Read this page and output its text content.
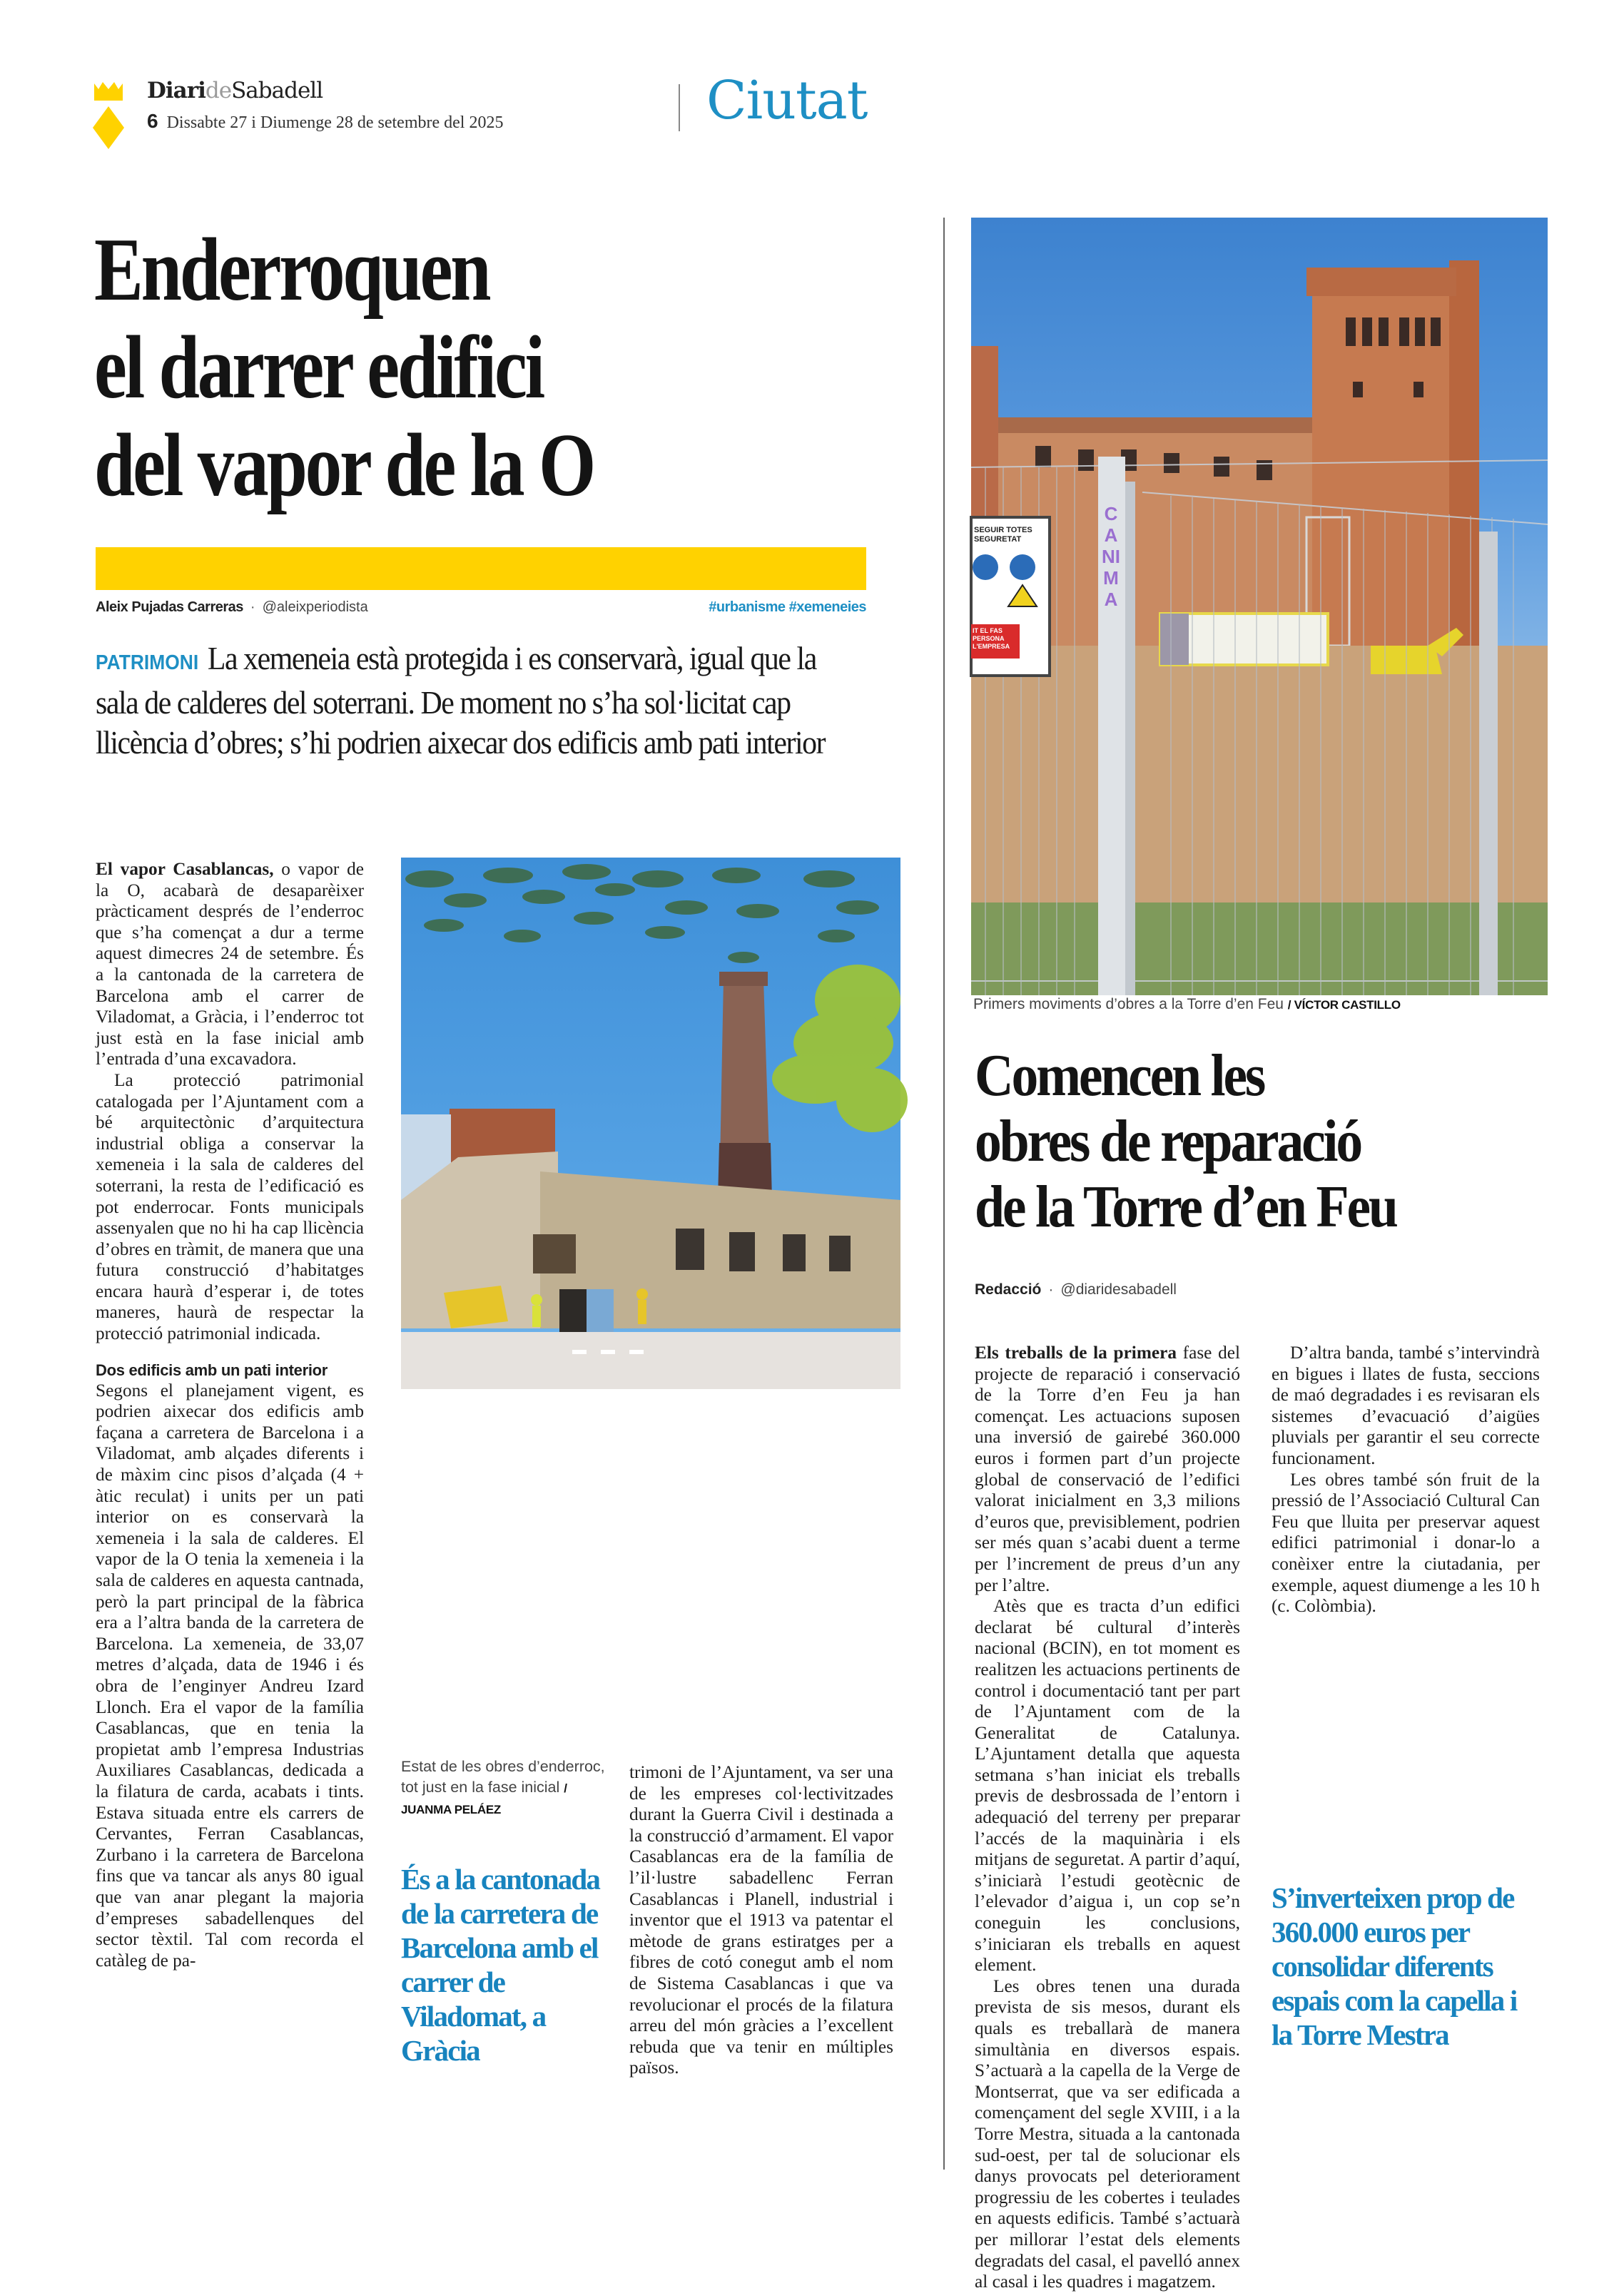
DiarideSabadell
6 Dissabte 27 i Diumenge 28 de setembre del 2025	Ciutat
Enderroquen
el darrer edifici
del vapor de la O
Aleix Pujadas Carreras · @aleixperiodista	#urbanisme #xemeneies
PATRIMONI La xemeneia està protegida i es conservarà, igual que la sala de calderes del soterrani. De moment no s’ha sol·licitat cap llicència d’obres; s’hi podrien aixecar dos edificis amb pati interior

El vapor Casablancas, o vapor de la O, acabarà de desaparèixer pràcticament després de l’enderroc que s’ha començat a dur a terme aquest dimecres 24 de setembre. És a la cantonada de la carretera de Barcelona amb el carrer de Viladomat, a Gràcia, i l’enderroc tot just està en la fase inicial amb l’entrada d’una excavadora.

La protecció patrimonial catalogada per l’Ajuntament com a bé arquitectònic d’arquitectura industrial obliga a conservar la xemeneia i la sala de calderes del soterrani, la resta de l’edificació es pot enderrocar. Fonts municipals assenyalen que no hi ha cap llicència d’obres en tràmit, de manera que una futura construcció d’habitatges encara haurà d’esperar i, de totes maneres, haurà de respectar la protecció patrimonial indicada.

Dos edificis amb un pati interior

Segons el planejament vigent, es podrien aixecar dos edificis amb façana a carretera de Barcelona i a Viladomat, amb alçades diferents i de màxim cinc pisos d’alçada (4 + àtic reculat) i units per un pati interior on es conservarà la xemeneia i la sala de calderes. El vapor de la O tenia la xemeneia i la sala de calderes en aquesta cantnada, però la part principal de la fàbrica era a l’altra banda de la carretera de Barcelona. La xemeneia, de 33,07 metres d’alçada, data de 1946 i és obra de l’enginyer Andreu Izard Llonch. Era el vapor de la família Casablancas, que en tenia la propietat amb l’empresa Industrias Auxiliares Casablancas, dedicada a la filatura de carda, acabats i tints. Estava situada entre els carrers de Cervantes, Ferran Casablancas, Zurbano i la carretera de Barcelona fins que va tancar als anys 80 igual que van anar plegant la majoria d’empreses sabadellenques del sector tèxtil. Tal com recorda el catàleg de pa-

Estat de les obres d’enderroc, tot just en la fase inicial / JUANMA PELÁEZ
És a la cantonada de la carretera de Barcelona amb el carrer de Viladomat, a Gràcia

trimoni de l’Ajuntament, va ser una de les empreses col·lectivitzades durant la Guerra Civil i destinada a la construcció d’armament. El vapor Casablancas era de la família de l’il·lustre sabadellenc Ferran Casablancas i Planell, industrial i inventor que el 1913 va patentar el mètode de grans estiratges per a fibres de cotó conegut amb el nom de Sistema Casablancas i que va revolucionar el procés de la filatura arreu del món gràcies a l’excellent rebuda que va tenir en múltiples països.

SEGUIR TOTES SEGURETAT
IT EL FAS PERSONA L'EMPRESA
CANIMA
Primers moviments d’obres a la Torre d’en Feu / VÍCTOR CASTILLO
Comencen les
obres de reparació
de la Torre d’en Feu
Redacció · @diaridesabadell

Els treballs de la primera fase del projecte de reparació i conservació de la Torre d’en Feu ja han començat. Les actuacions suposen una inversió de gairebé 360.000 euros i formen part d’un projecte global de conservació de l’edifici valorat inicialment en 3,3 milions d’euros que, previsiblement, podrien ser més quan s’acabi duent a terme per l’increment de preus d’un any per l’altre.

Atès que es tracta d’un edifici declarat bé cultural d’interès nacional (BCIN), en tot moment es realitzen les actuacions pertinents de control i documentació tant per part de l’Ajuntament com de la Generalitat de Catalunya. L’Ajuntament detalla que aquesta setmana s’han iniciat els treballs previs de desbrossada de l’entorn i adequació del terreny per preparar l’accés de la maquinària i els mitjans de seguretat. A partir d’aquí, s’iniciarà l’estudi geotècnic de l’elevador d’aigua i, un cop se’n coneguin les conclusions, s’iniciaran els treballs en aquest element.

Les obres tenen una durada prevista de sis mesos, durant els quals es treballarà de manera simultània en diversos espais. S’actuarà a la capella de la Verge de Montserrat, que va ser edificada a començament del segle XVIII, i a la Torre Mestra, situada a la cantonada sud-oest, per tal de solucionar els danys provocats pel deteriorament progressiu de les cobertes i teulades en aquests edificis. També s’actuarà per millorar l’estat dels elements degradats del casal, el pavelló annex al casal i les quadres i magatzem.

D’altra banda, també s’intervindrà en bigues i llates de fusta, seccions de maó degradades i es revisaran els sistemes d’evacuació d’aigües pluvials per garantir el seu correcte funcionament.

Les obres també són fruit de la pressió de l’Associació Cultural Can Feu que lluita per preservar aquest edifici patrimonial i donar-lo a conèixer entre la ciutadania, per exemple, aquest diumenge a les 10 h (c. Colòmbia).

S’inverteixen prop de 360.000 euros per consolidar diferents espais com la capella i la Torre Mestra
